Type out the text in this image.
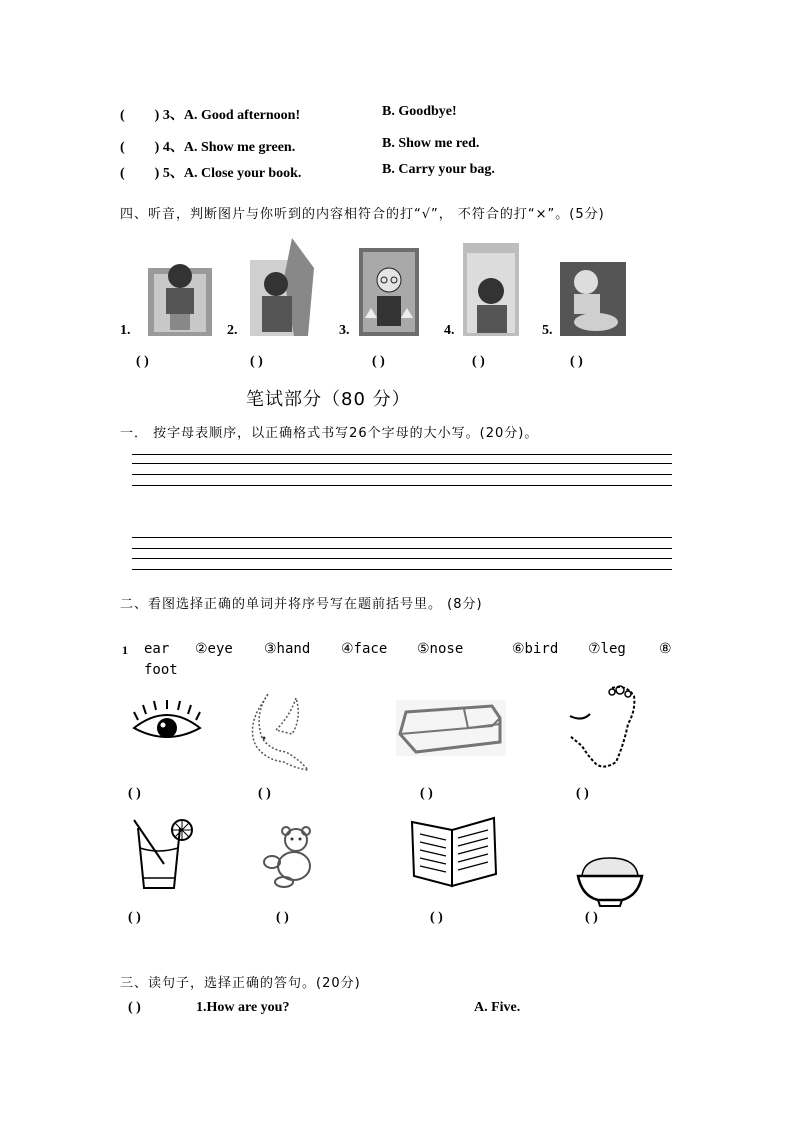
( ) 3、A. Good afternoon!	B. Goodbye!
( ) 4、A. Show me green.	B. Show me red.
( ) 5、A. Close your book.	B. Carry your bag.
四、听音，判断图片与你听到的内容相符合的打“√”， 不符合的打“×”。(5分)
1.	2.	3.	4.	5.
( )	( )	( )	( )	( )
笔试部分（80 分）
一． 按字母表顺序，以正确格式书写26个字母的大小写。(20分)。
二、看图选择正确的单词并将序号写在题前括号里。 (8分)
1 ear ②eye ③hand ④face ⑤nose	⑥bird ⑦leg ⑧
foot
( )	( )	( )	( )
( )	( )	( )	( )
三、读句子，选择正确的答句。(20分)
( )	1.How are you?	A. Five.
